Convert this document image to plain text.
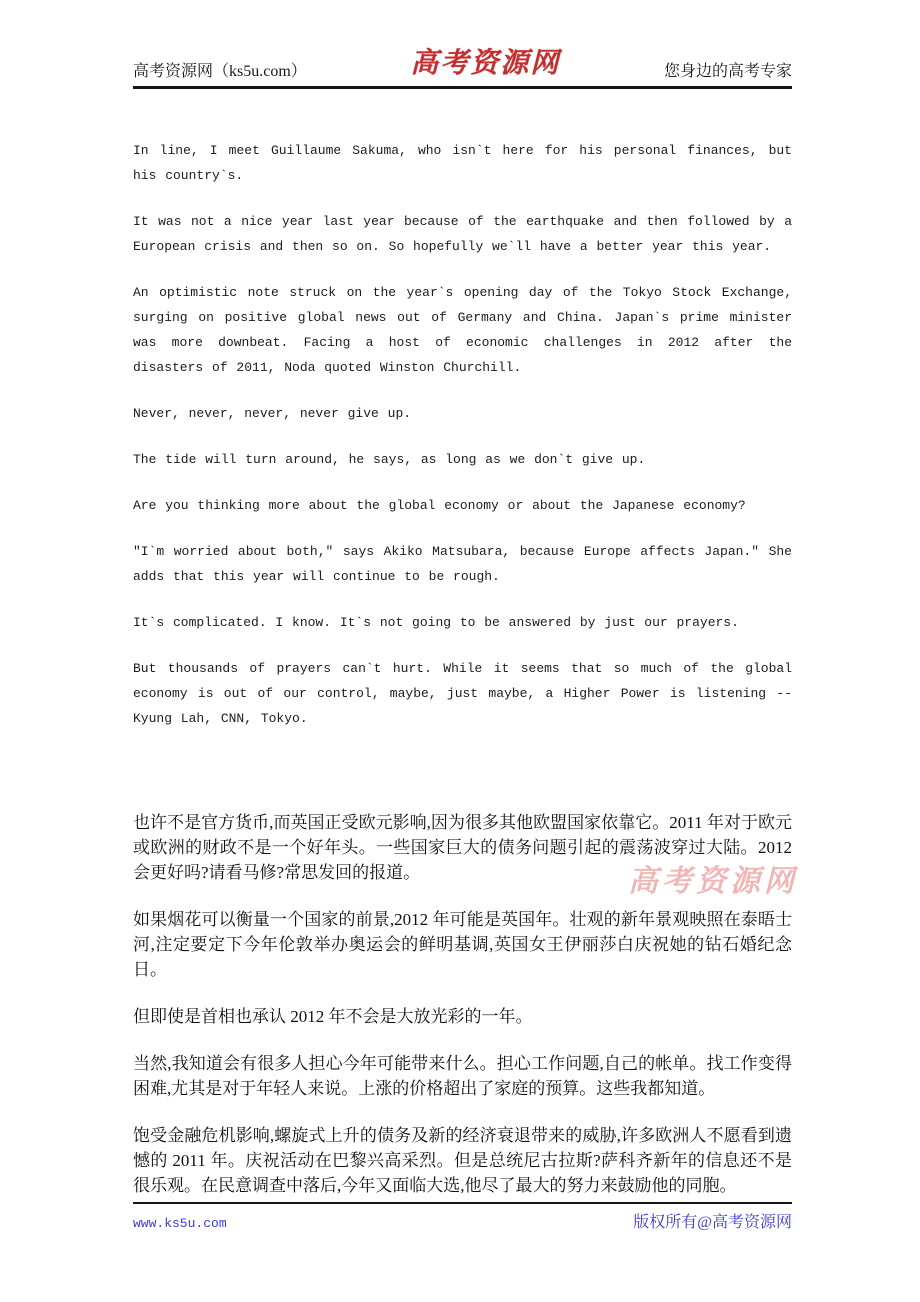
高考资源网（ks5u.com）	高考资源网	您身边的高考专家

In line, I meet Guillaume Sakuma, who isn`t here for his personal finances, but his country`s.

It was not a nice year last year because of the earthquake and then followed by a European crisis and then so on. So hopefully we`ll have a better year this year.

An optimistic note struck on the year`s opening day of the Tokyo Stock Exchange, surging on positive global news out of Germany and China. Japan`s prime minister was more downbeat. Facing a host of economic challenges in 2012 after the disasters of 2011, Noda quoted Winston Churchill.

Never, never, never, never give up.

The tide will turn around, he says, as long as we don`t give up.

Are you thinking more about the global economy or about the Japanese economy?

″I`m worried about both,″ says Akiko Matsubara, because Europe affects Japan.″ She adds that this year will continue to be rough.

It`s complicated. I know. It`s not going to be answered by just our prayers.

But thousands of prayers can`t hurt. While it seems that so much of the global economy is out of our control, maybe, just maybe, a Higher Power is listening -- Kyung Lah, CNN, Tokyo.

高考资源网

也许不是官方货币,而英国正受欧元影响,因为很多其他欧盟国家依靠它。2011 年对于欧元或欧洲的财政不是一个好年头。一些国家巨大的债务问题引起的震荡波穿过大陆。2012 会更好吗?请看马修?常思发回的报道。

如果烟花可以衡量一个国家的前景,2012 年可能是英国年。壮观的新年景观映照在泰晤士河,注定要定下今年伦敦举办奥运会的鲜明基调,英国女王伊丽莎白庆祝她的钻石婚纪念日。

但即使是首相也承认 2012 年不会是大放光彩的一年。

当然,我知道会有很多人担心今年可能带来什么。担心工作问题,自己的帐单。找工作变得困难,尤其是对于年轻人来说。上涨的价格超出了家庭的预算。这些我都知道。

饱受金融危机影响,螺旋式上升的债务及新的经济衰退带来的威胁,许多欧洲人不愿看到遗憾的 2011 年。庆祝活动在巴黎兴高采烈。但是总统尼古拉斯?萨科齐新年的信息还不是很乐观。在民意调查中落后,今年又面临大选,他尽了最大的努力来鼓励他的同胞。

www.ks5u.com	版权所有@高考资源网
